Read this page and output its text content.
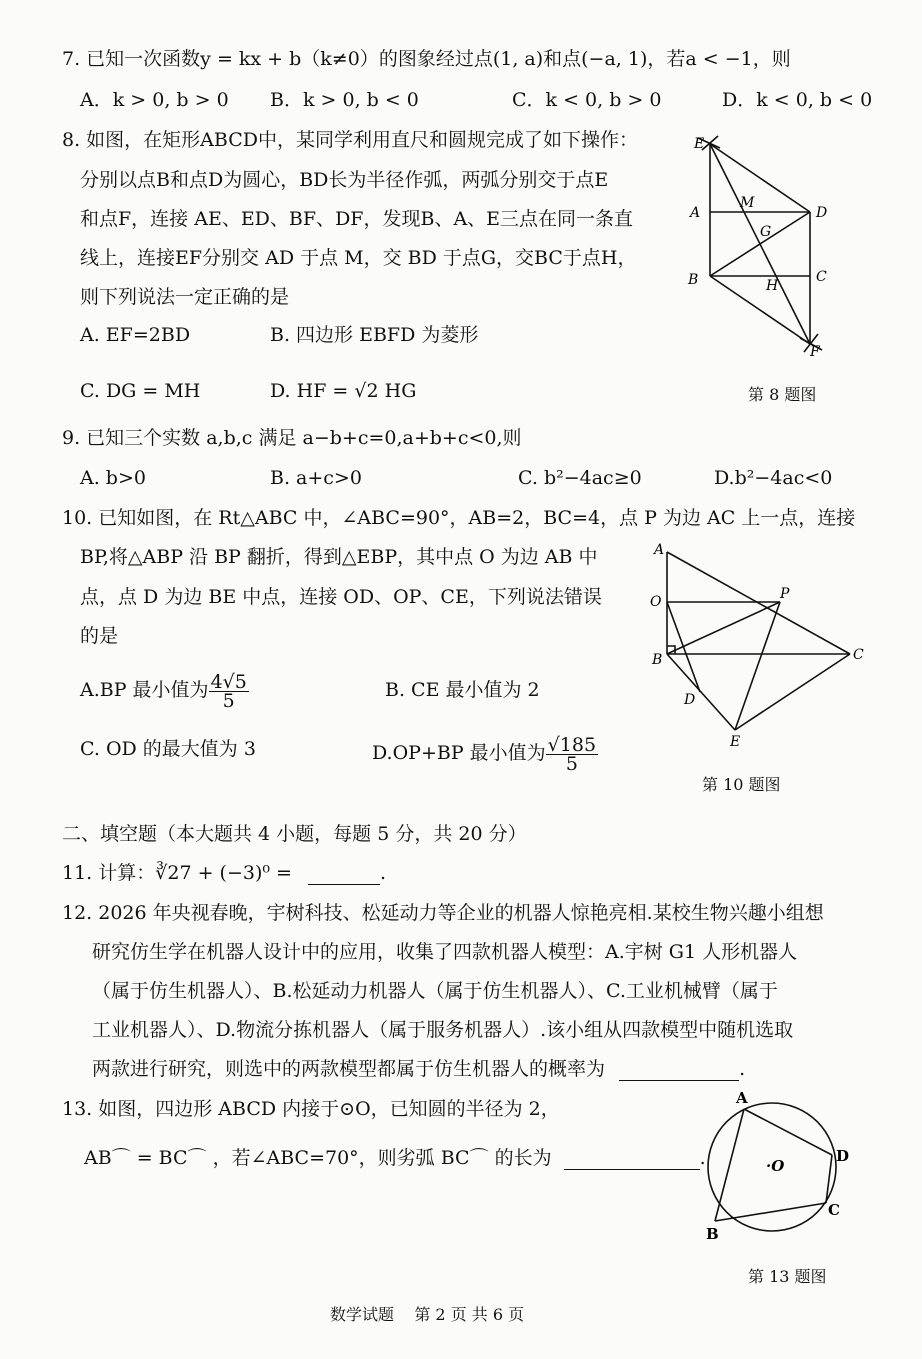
7. 已知一次函数y = kx + b（k≠0）的图象经过点(1, a)和点(−a, 1)，若a < −1，则
A．k > 0, b > 0 B．k > 0, b < 0	C．k < 0, b > 0	D．k < 0, b < 0
8. 如图，在矩形ABCD中，某同学利用直尺和圆规完成了如下操作：
分别以点B和点D为圆心，BD长为半径作弧，两弧分别交于点E
和点F，连接 AE、ED、BF、DF，发现B、A、E三点在同一条直
线上，连接EF分别交 AD 于点 M，交 BD 于点G，交BC于点H，
则下列说法一定正确的是
A. EF=2BD	B. 四边形 EBFD 为菱形
C. DG = MH	D. HF = √2 HG
E
A
M
D
G
B	C
H
F
第 8 题图
9. 已知三个实数 a,b,c 满足 a−b+c=0,a+b+c<0,则
A. b>0	B. a+c>0	C. b²−4ac≥0	D.b²−4ac<0
10. 已知如图，在 Rt△ABC 中，∠ABC=90°，AB=2，BC=4，点 P 为边 AC 上一点，连接
BP,将△ABP 沿 BP 翻折，得到△EBP，其中点 O 为边 AB 中
点，点 D 为边 BE 中点，连接 OD、OP、CE，下列说法错误
的是
A.BP 最小值为 $\frac{4√5}{5}$	B. CE 最小值为 2
C. OD 的最大值为 3	D.OP+BP 最小值为 $\frac{√185}{5}$
A
O	P
B	C
D
E
第 10 题图
二、填空题（本大题共 4 小题，每题 5 分，共 20 分）
11. 计算：∛27 + (−3)⁰ =	.
12. 2026 年央视春晚，宇树科技、松延动力等企业的机器人惊艳亮相.某校生物兴趣小组想
研究仿生学在机器人设计中的应用，收集了四款机器人模型：A.宇树 G1 人形机器人
（属于仿生机器人）、B.松延动力机器人（属于仿生机器人）、C.工业机械臂（属于
工业机器人）、D.物流分拣机器人（属于服务机器人）.该小组从四款模型中随机选取
两款进行研究，则选中的两款模型都属于仿生机器人的概率为	.
13. 如图，四边形 ABCD 内接于⊙O，已知圆的半径为 2，
AB⌒ = BC⌒ ，若∠ABC=70°，则劣弧 BC⌒ 的长为	.
A
D
·O
C
B
第 13 题图
数学试题    第 2 页 共 6 页
